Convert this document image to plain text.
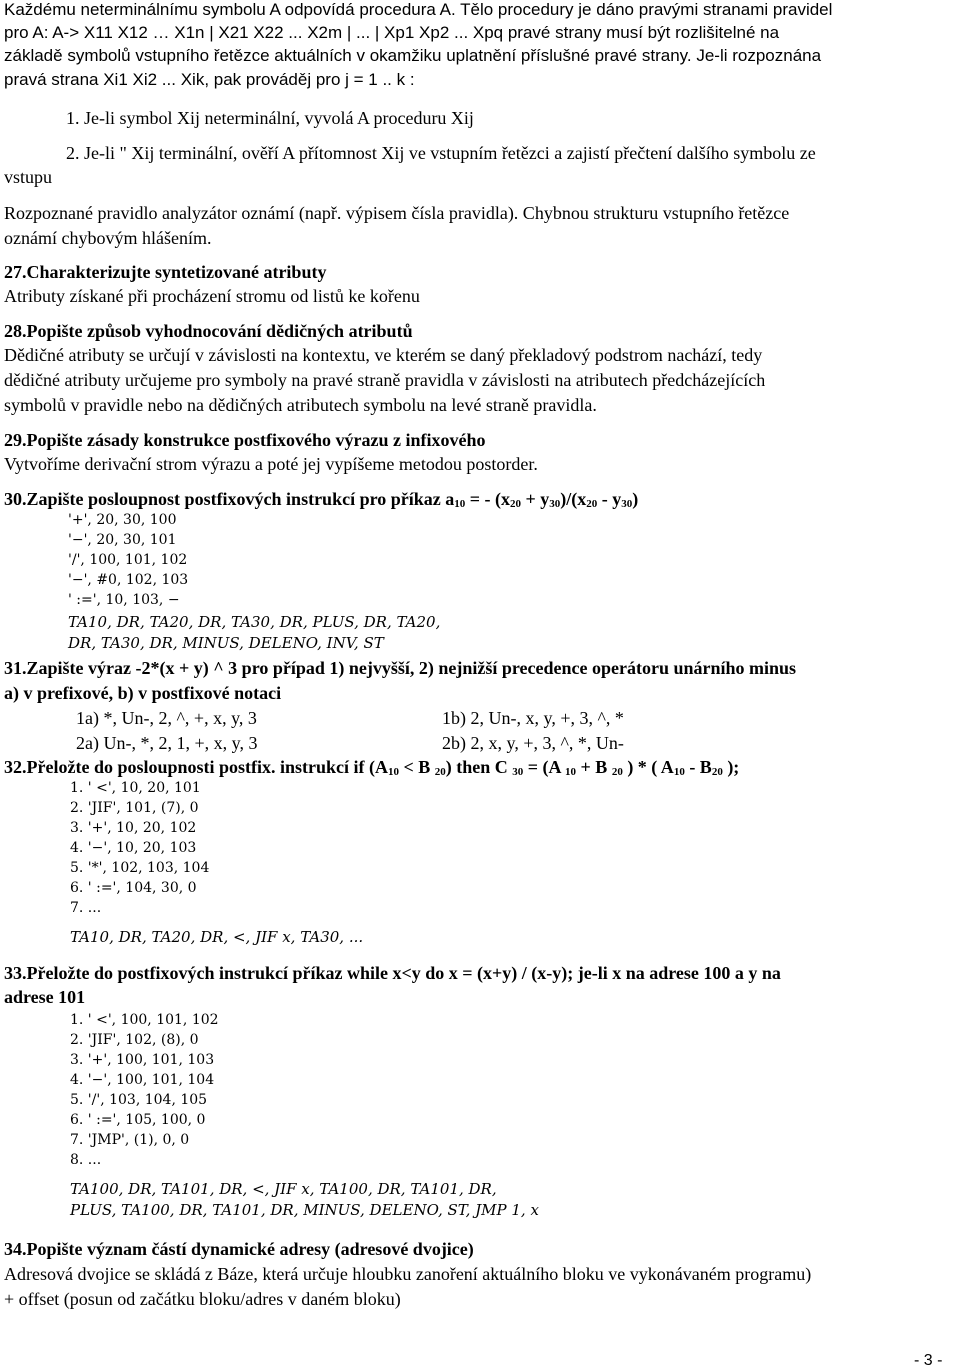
Každému neterminálnímu symbolu A odpovídá procedura A. Tělo procedury je dáno pravými stranami pravidel
pro A: A-> X11 X12 … X1n | X21 X22 ... X2m | ... | Xp1 Xp2 ... Xpq pravé strany musí být rozlišitelné na
základě symbolů vstupního řetězce aktuálních v okamžiku uplatnění příslušné pravé strany. Je-li rozpoznána
pravá strana Xi1 Xi2 ... Xik, pak prováděj pro j = 1 .. k :
1. Je-li symbol Xij neterminální, vyvolá A proceduru Xij
2. Je-li " Xij terminální, ověří A přítomnost Xij ve vstupním řetězci a zajistí přečtení dalšího symbolu ze
vstupu
Rozpoznané pravidlo analyzátor oznámí (např. výpisem čísla pravidla). Chybnou strukturu vstupního řetězce
oznámí chybovým hlášením.
27.Charakterizujte syntetizované atributy
Atributy získané při procházení stromu od listů ke kořenu
28.Popište způsob vyhodnocování dědičných atributů
Dědičné atributy se určují v závislosti na kontextu, ve kterém se daný překladový podstrom nachází, tedy
dědičné atributy určujeme pro symboly na pravé straně pravidla v závislosti na atributech předcházejících
symbolů v pravidle nebo na dědičných atributech symbolu na levé straně pravidla.
29.Popište zásady konstrukce postfixového výrazu z infixového
Vytvoříme derivační strom výrazu a poté jej vypíšeme metodou postorder.
30.Zapište posloupnost postfixových instrukcí pro příkaz $a_{10}$ = - $(x_{20} + y_{30})/(x_{20} - y_{30})$
'+', 20, 30, 100
'−', 20, 30, 101
'/', 100, 101, 102
'−', #0, 102, 103
' :=', 10, 103, −
TA10, DR, TA20, DR, TA30, DR, PLUS, DR, TA20,
DR, TA30, DR, MINUS, DELENO, INV, ST
31.Zapište výraz -2*(x + y) ^ 3 pro případ 1) nejvyšší, 2) nejnižší precedence operátoru unárního minus
a) v prefixové, b) v postfixové notaci
1a) *, Un-, 2, ^, +, x, y, 3	1b) 2, Un-, x, y, +, 3, ^, *
2a) Un-, *, 2, 1, +, x, y, 3	2b) 2, x, y, +, 3, ^, *, Un-
32.Přeložte do posloupnosti postfix. instrukcí if ($A_{10} < B$ $_{20}$) then C $_{30}$ = (A $_{10}$ + B $_{20}$ ) * ( $A_{10} - B_{20}$ );
1. ' <', 10, 20, 101
2. 'JIF', 101, (7), 0
3. '+', 10, 20, 102
4. '−', 10, 20, 103
5. '*', 102, 103, 104
6. ' :=', 104, 30, 0
7. ...
TA10, DR, TA20, DR, <, JIF x, TA30, ...
33.Přeložte do postfixových instrukcí příkaz while x<y do x = (x+y) / (x-y); je-li x na adrese 100 a y na
adrese 101
1. ' <', 100, 101, 102
2. 'JIF', 102, (8), 0
3. '+', 100, 101, 103
4. '−', 100, 101, 104
5. '/', 103, 104, 105
6. ' :=', 105, 100, 0
7. 'JMP', (1), 0, 0
8. ...
TA100, DR, TA101, DR, <, JIF x, TA100, DR, TA101, DR,
PLUS, TA100, DR, TA101, DR, MINUS, DELENO, ST, JMP 1, x
34.Popište význam částí dynamické adresy (adresové dvojice)
Adresová dvojice se skládá z Báze, která určuje hloubku zanoření aktuálního bloku ve vykonávaném programu)
+ offset (posun od začátku bloku/adres v daném bloku)
- 3 -
